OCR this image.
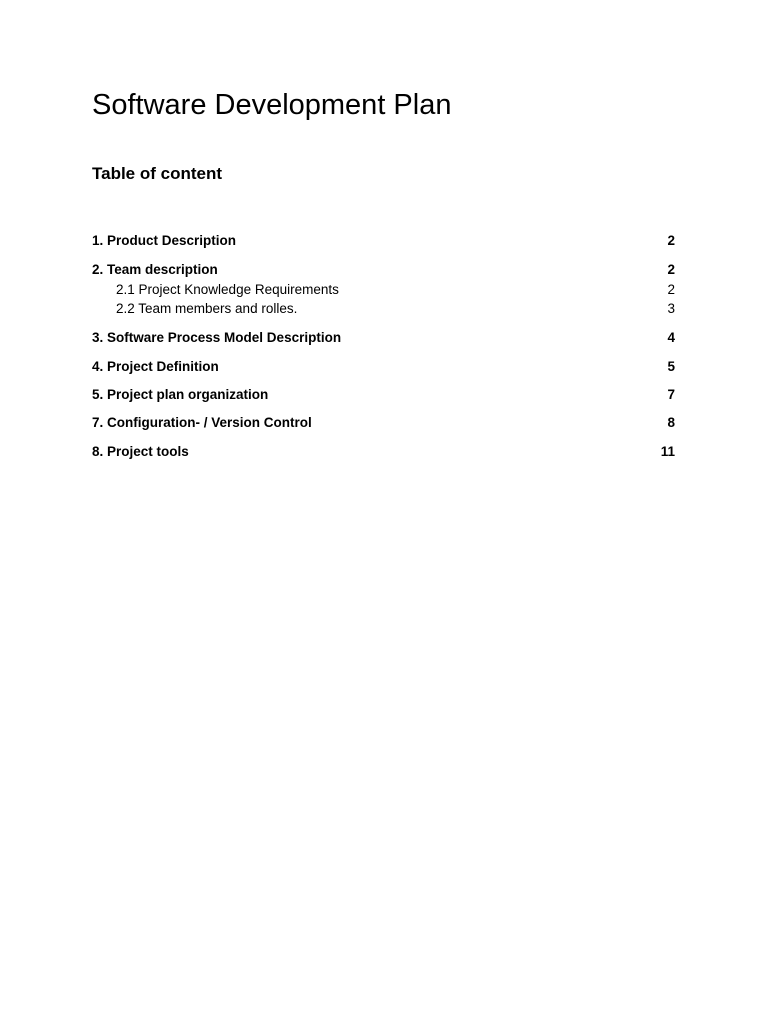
Software Development Plan
Table of content
1. Product Description	2
2. Team description	2
2.1 Project Knowledge Requirements	2
2.2 Team members and rolles.	3
3. Software Process Model Description	4
4. Project Definition	5
5. Project plan organization	7
7. Configuration- / Version Control	8
8. Project tools	11
